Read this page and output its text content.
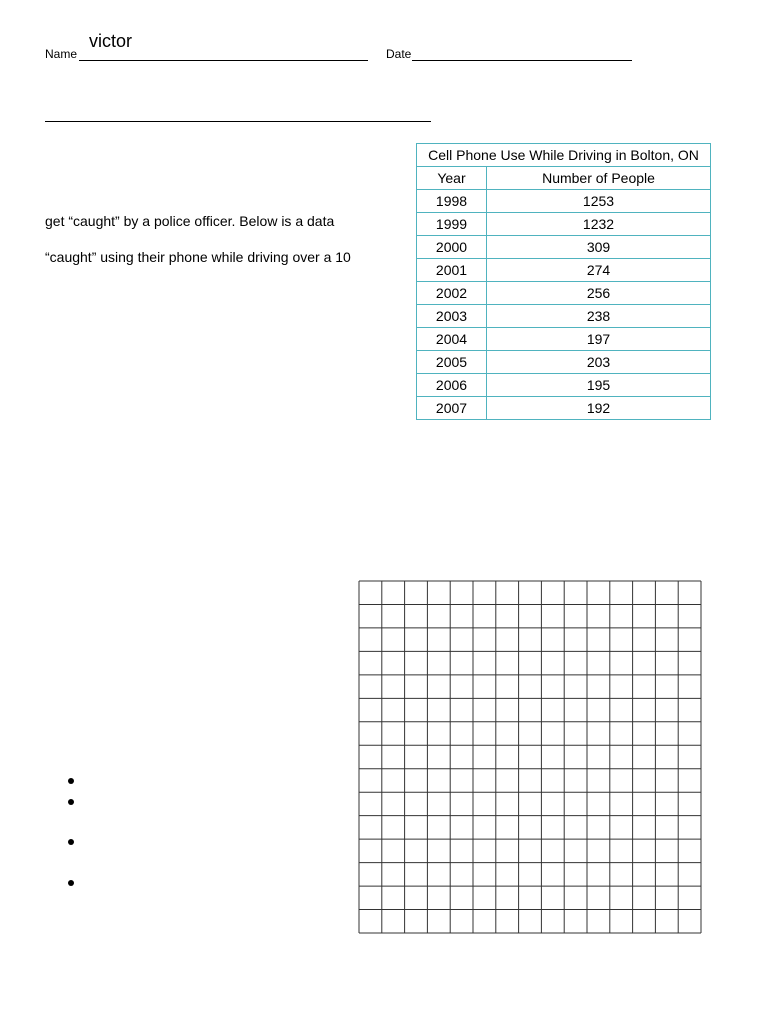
Name
victor
Date
get “caught” by a police officer. Below is a data
“caught” using their phone while driving over a 10
Cell Phone Use While Driving in Bolton, ON
Year	Number of People
1998	1253
1999	1232
2000	309
2001	274
2002	256
2003	238
2004	197
2005	203
2006	195
2007	192
